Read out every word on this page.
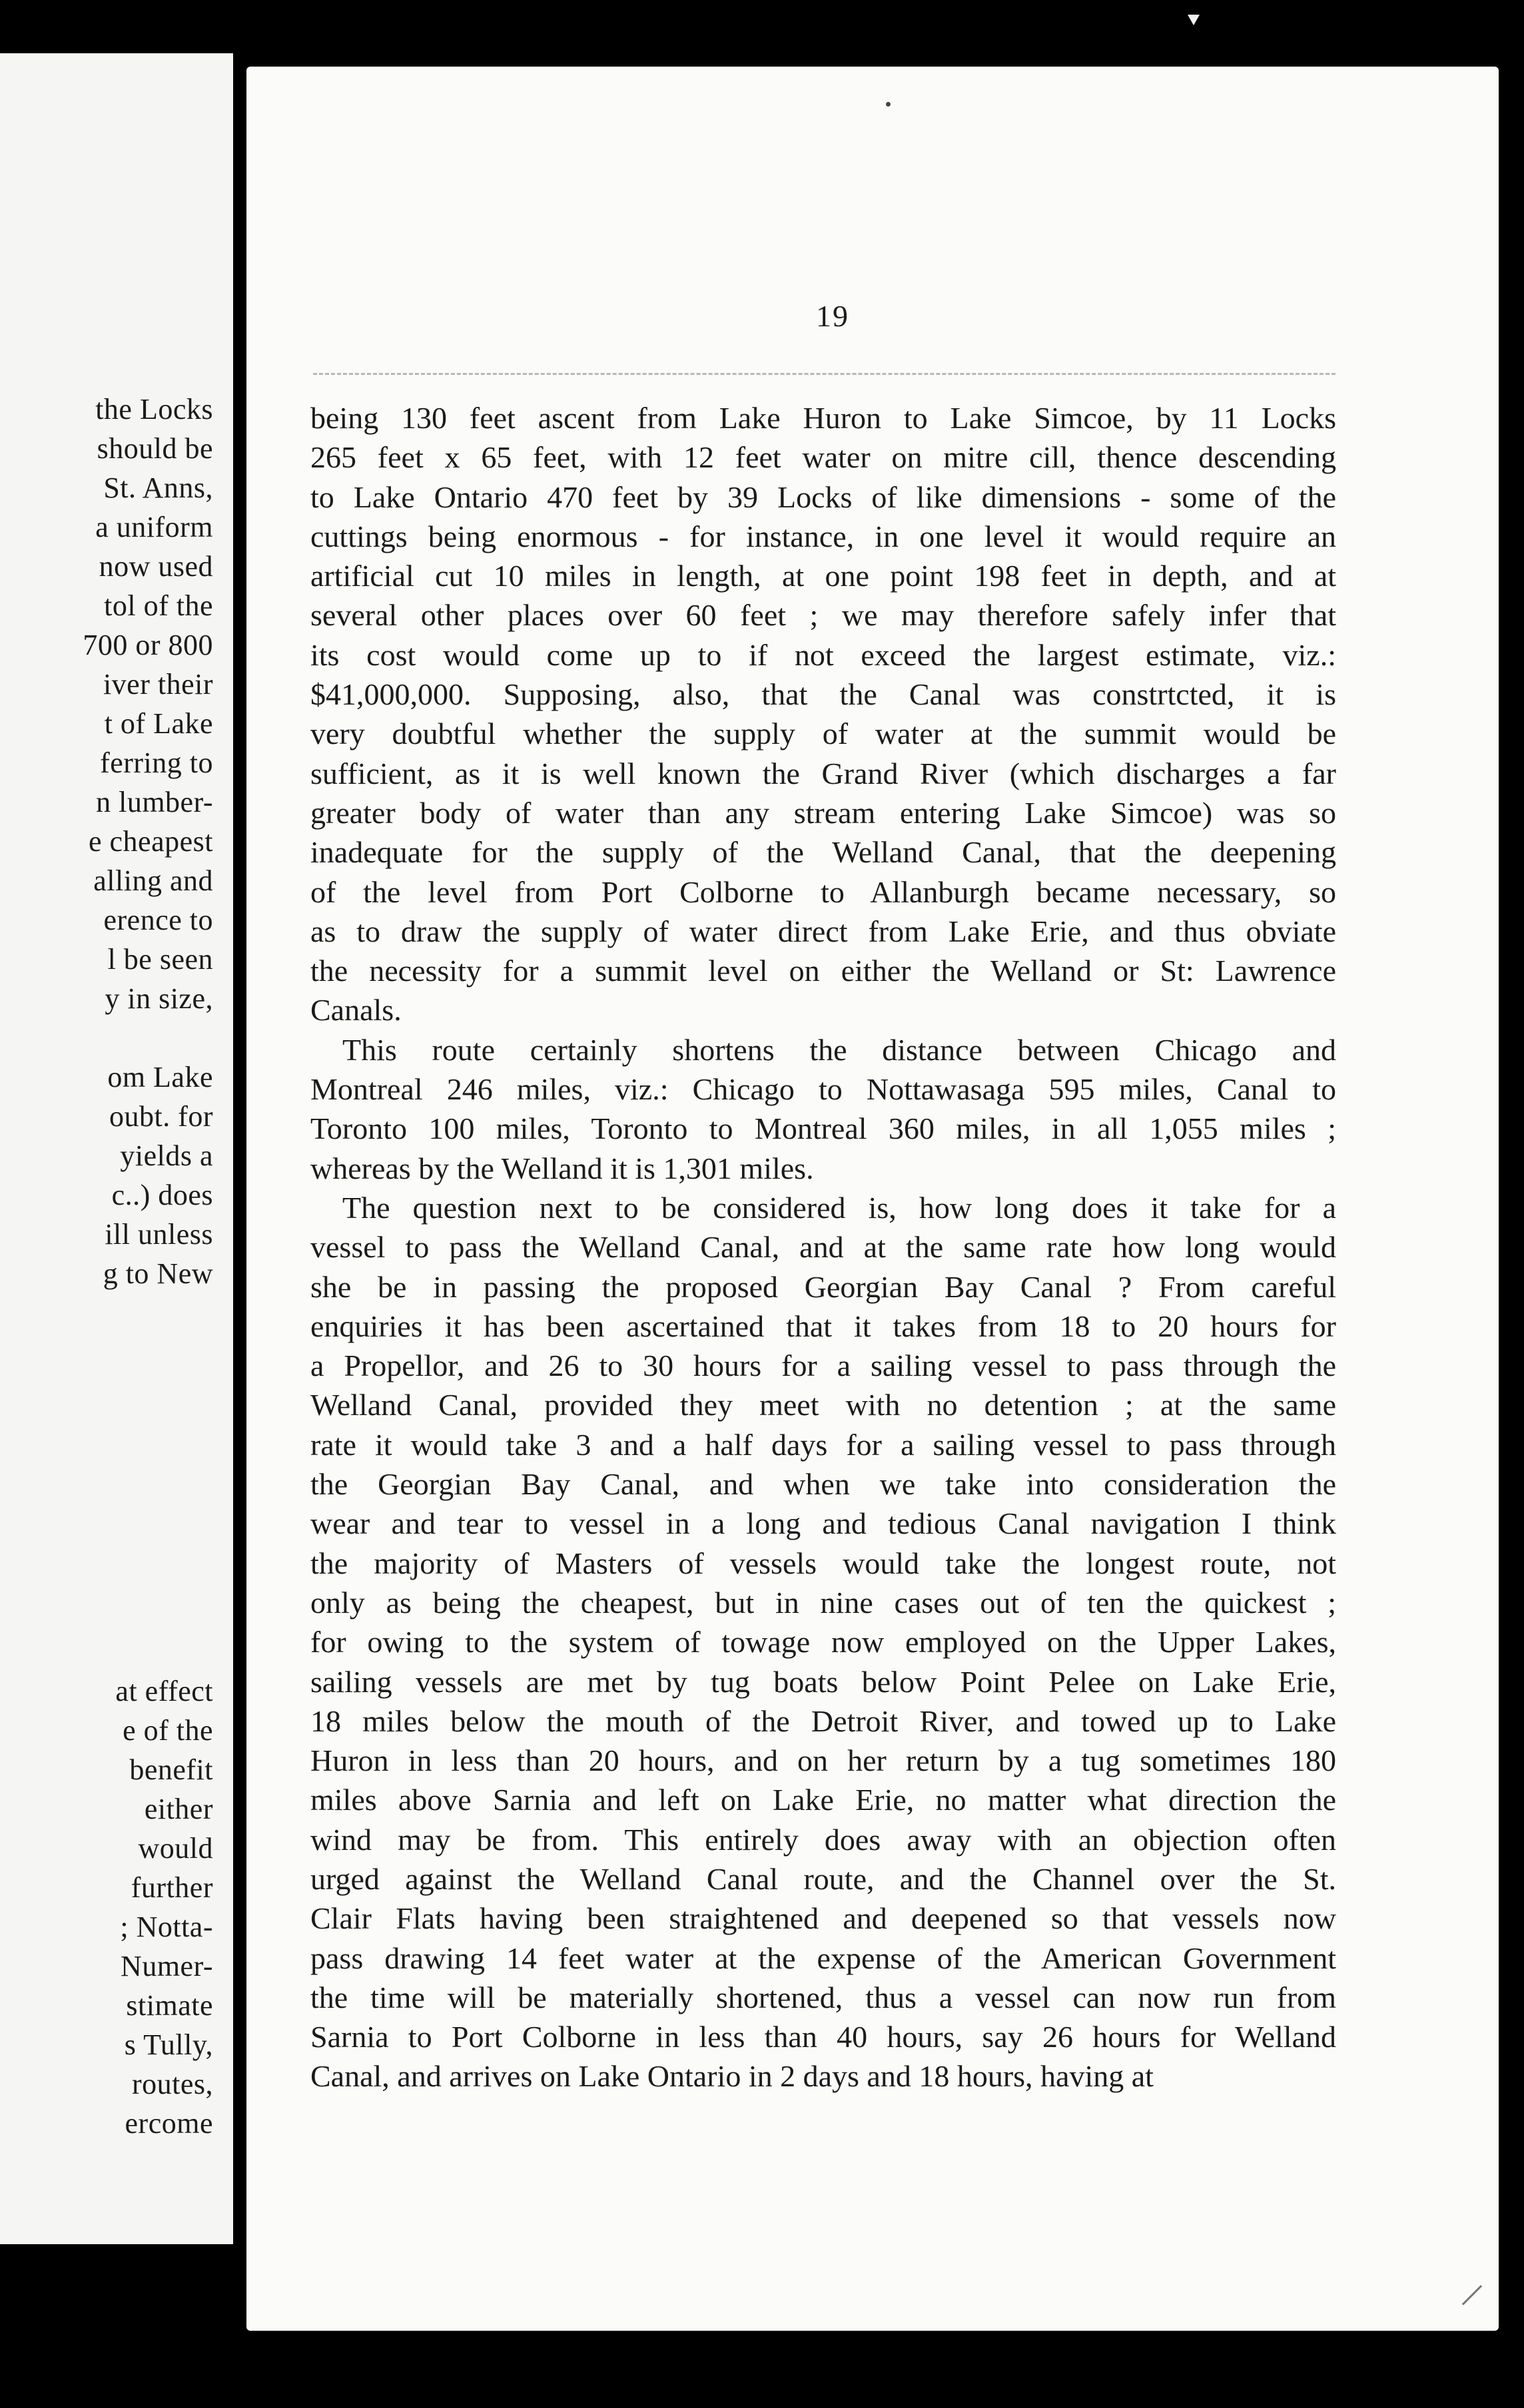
the Locks
should be
St. Anns,
a uniform
now used
tol of the
700 or 800
iver their
t of Lake
ferring to
n lumber-
e cheapest
alling and
erence to
l be seen
y in size,

om Lake
oubt. for
yields a
c..) does
ill unless
g to New
at effect
e of the
benefit
either
would
further
; Notta-
Numer-
stimate
s Tully,
routes,
ercome
19
being 130 feet ascent from Lake Huron to Lake Simcoe, by 11 Locks
265 feet x 65 feet, with 12 feet water on mitre cill, thence descending
to Lake Ontario 470 feet by 39 Locks of like dimensions - some of the
cuttings being enormous - for instance, in one level it would require an
artificial cut 10 miles in length, at one point 198 feet in depth, and at
several other places over 60 feet ; we may therefore safely infer that
its cost would come up to if not exceed the largest estimate, viz.:
$41,000,000. Supposing, also, that the Canal was constrtcted, it is
very doubtful whether the supply of water at the summit would be
sufficient, as it is well known the Grand River (which discharges a far
greater body of water than any stream entering Lake Simcoe) was so
inadequate for the supply of the Welland Canal, that the deepening
of the level from Port Colborne to Allanburgh became necessary, so
as to draw the supply of water direct from Lake Erie, and thus obviate
the necessity for a summit level on either the Welland or St: Lawrence
Canals.
This route certainly shortens the distance between Chicago and
Montreal 246 miles, viz.: Chicago to Nottawasaga 595 miles, Canal to
Toronto 100 miles, Toronto to Montreal 360 miles, in all 1,055 miles ;
whereas by the Welland it is 1,301 miles.
The question next to be considered is, how long does it take for a
vessel to pass the Welland Canal, and at the same rate how long would
she be in passing the proposed Georgian Bay Canal ? From careful
enquiries it has been ascertained that it takes from 18 to 20 hours for
a Propellor, and 26 to 30 hours for a sailing vessel to pass through the
Welland Canal, provided they meet with no detention ; at the same
rate it would take 3 and a half days for a sailing vessel to pass through
the Georgian Bay Canal, and when we take into consideration the
wear and tear to vessel in a long and tedious Canal navigation I think
the majority of Masters of vessels would take the longest route, not
only as being the cheapest, but in nine cases out of ten the quickest ;
for owing to the system of towage now employed on the Upper Lakes,
sailing vessels are met by tug boats below Point Pelee on Lake Erie,
18 miles below the mouth of the Detroit River, and towed up to Lake
Huron in less than 20 hours, and on her return by a tug sometimes 180
miles above Sarnia and left on Lake Erie, no matter what direction the
wind may be from. This entirely does away with an objection often
urged against the Welland Canal route, and the Channel over the St.
Clair Flats having been straightened and deepened so that vessels now
pass drawing 14 feet water at the expense of the American Government
the time will be materially shortened, thus a vessel can now run from
Sarnia to Port Colborne in less than 40 hours, say 26 hours for Welland
Canal, and arrives on Lake Ontario in 2 days and 18 hours, having at
